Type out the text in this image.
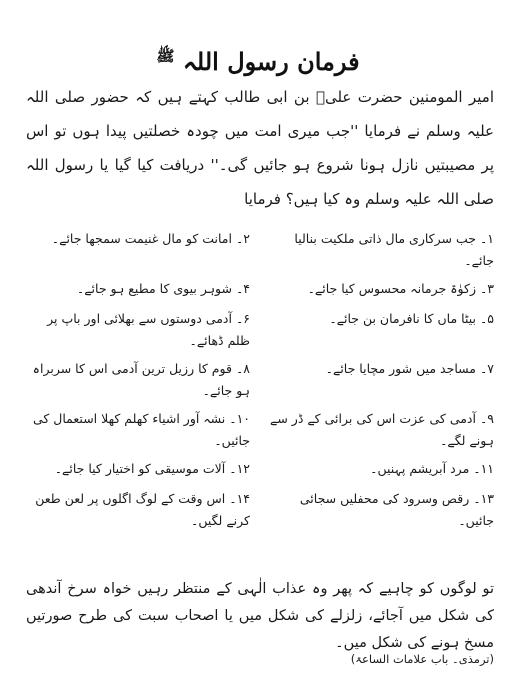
فرمان رسول اللہ $^ﷺ$

امیر المومنین حضرت علیؓ بن ابی طالب کہتے ہیں کہ حضور صلی اللہ علیہ وسلم نے فرمایا ''جب میری امت میں چودہ خصلتیں پیدا ہوں تو اس پر مصیبتیں نازل ہونا شروع ہو جائیں گی۔'' دریافت کیا گیا یا رسول اللہ صلی اللہ علیہ وسلم وہ کیا ہیں؟ فرمایا

۱۔ جب سرکاری مال ذاتی ملکیت بنالیا جائے۔
۲۔ امانت کو مال غنیمت سمجھا جائے۔
۳۔ زکوٰۃ جرمانہ محسوس کیا جائے۔
۴۔ شوہر بیوی کا مطیع ہو جائے۔
۵۔ بیٹا ماں کا نافرمان بن جائے۔
۶۔ آدمی دوستوں سے بھلائی اور باپ پر ظلم ڈھائے۔
۷۔ مساجد میں شور مچایا جائے۔
۸۔ قوم کا رزیل ترین آدمی اس کا سربراہ ہو جائے۔
۹۔ آدمی کی عزت اس کی برائی کے ڈر سے ہونے لگے۔
۱۰۔ نشہ آور اشیاء کھلم کھلا استعمال کی جائیں۔
۱۱۔ مرد آبریشم پہنیں۔
۱۲۔ آلات موسیقی کو اختیار کیا جائے۔
۱۳۔ رقص وسرود کی محفلیں سجائی جائیں۔
۱۴۔ اس وقت کے لوگ اگلوں پر لعن طعن کرنے لگیں۔

تو لوگوں کو چاہیے کہ پھر وہ عذاب الٰہی کے منتظر رہیں خواہ سرخ آندھی کی شکل میں آجائے، زلزلے کی شکل میں یا اصحاب سبت کی طرح صورتیں مسخ ہونے کی شکل میں۔

(ترمذی۔ باب علامات الساعۃ)
